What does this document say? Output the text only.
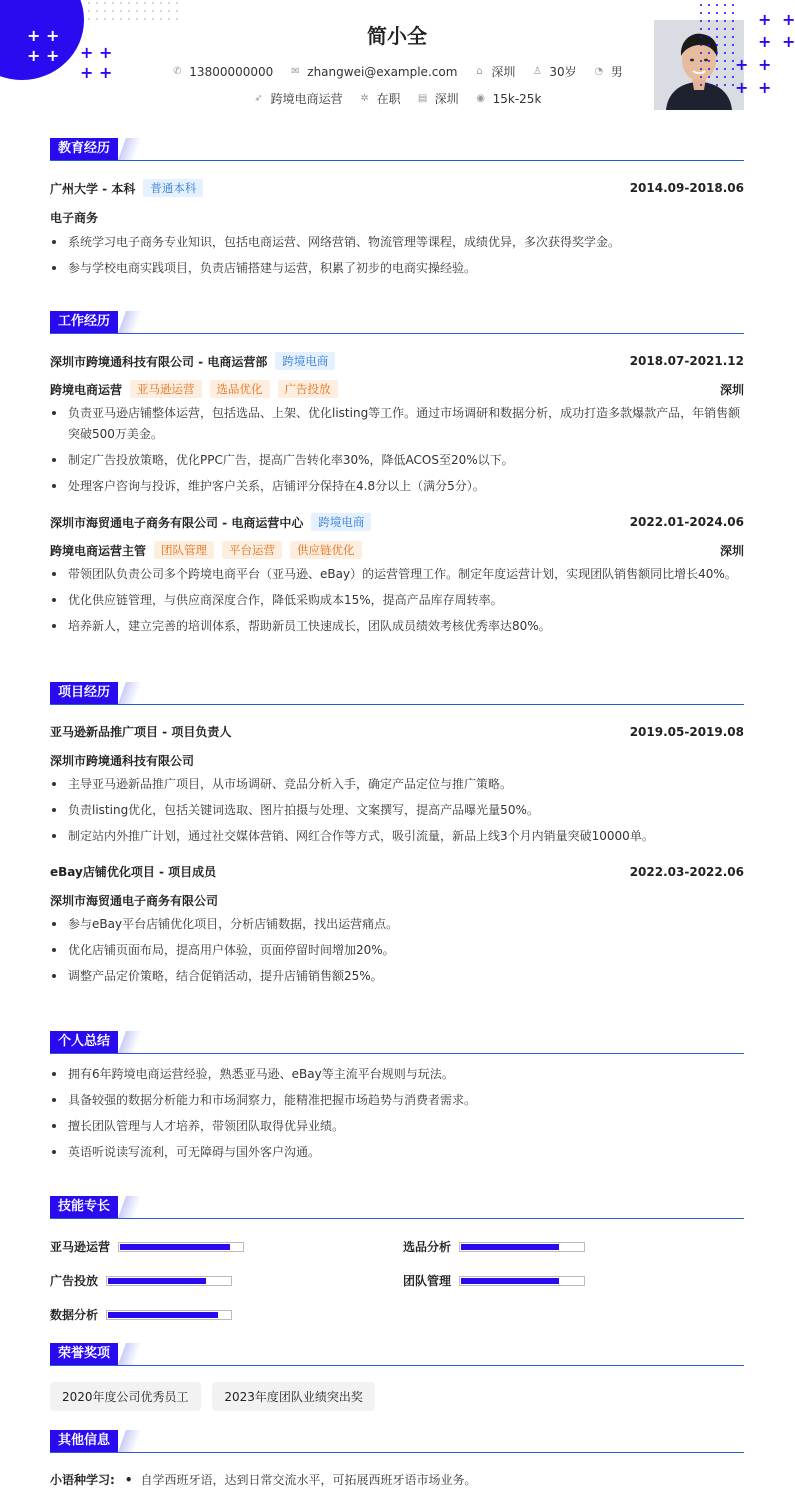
+ +
+ + + +
+ +
简小全
✆ 13800000000 ✉ zhangwei@example.com ⌂ 深圳 ♙ 30岁 ◔ 男
➶ 跨境电商运营 ✲ 在职 ▤ 深圳 ◉ 15k-25k
+ +
+ +
+ +
+ +
教育经历
广州大学 - 本科	普通本科	2014.09-2018.06
电子商务
系统学习电子商务专业知识，包括电商运营、网络营销、物流管理等课程，成绩优异，多次获得奖学金。
参与学校电商实践项目，负责店铺搭建与运营，积累了初步的电商实操经验。
工作经历
深圳市跨境通科技有限公司 - 电商运营部	跨境电商	2018.07-2021.12
跨境电商运营	亚马逊运营	选品优化	广告投放	深圳
负责亚马逊店铺整体运营，包括选品、上架、优化listing等工作。通过市场调研和数据分析，成功打造多款爆款产品，年销售额突破500万美金。
制定广告投放策略，优化PPC广告，提高广告转化率30%，降低ACOS至20%以下。
处理客户咨询与投诉，维护客户关系，店铺评分保持在4.8分以上（满分5分）。
深圳市海贸通电子商务有限公司 - 电商运营中心	跨境电商	2022.01-2024.06
跨境电商运营主管	团队管理	平台运营	供应链优化	深圳
带领团队负责公司多个跨境电商平台（亚马逊、eBay）的运营管理工作。制定年度运营计划，实现团队销售额同比增长40%。
优化供应链管理，与供应商深度合作，降低采购成本15%，提高产品库存周转率。
培养新人，建立完善的培训体系，帮助新员工快速成长，团队成员绩效考核优秀率达80%。
项目经历
亚马逊新品推广项目 - 项目负责人	2019.05-2019.08
深圳市跨境通科技有限公司
主导亚马逊新品推广项目，从市场调研、竞品分析入手，确定产品定位与推广策略。
负责listing优化，包括关键词选取、图片拍摄与处理、文案撰写，提高产品曝光量50%。
制定站内外推广计划，通过社交媒体营销、网红合作等方式，吸引流量，新品上线3个月内销量突破10000单。
eBay店铺优化项目 - 项目成员	2022.03-2022.06
深圳市海贸通电子商务有限公司
参与eBay平台店铺优化项目，分析店铺数据，找出运营痛点。
优化店铺页面布局，提高用户体验，页面停留时间增加20%。
调整产品定价策略，结合促销活动，提升店铺销售额25%。
个人总结
拥有6年跨境电商运营经验，熟悉亚马逊、eBay等主流平台规则与玩法。
具备较强的数据分析能力和市场洞察力，能精准把握市场趋势与消费者需求。
擅长团队管理与人才培养，带领团队取得优异业绩。
英语听说读写流利，可无障碍与国外客户沟通。
技能专长
亚马逊运营	选品分析
广告投放	团队管理
数据分析
荣誉奖项
2020年度公司优秀员工	2023年度团队业绩突出奖
其他信息
小语种学习: • 自学西班牙语，达到日常交流水平，可拓展西班牙语市场业务。
